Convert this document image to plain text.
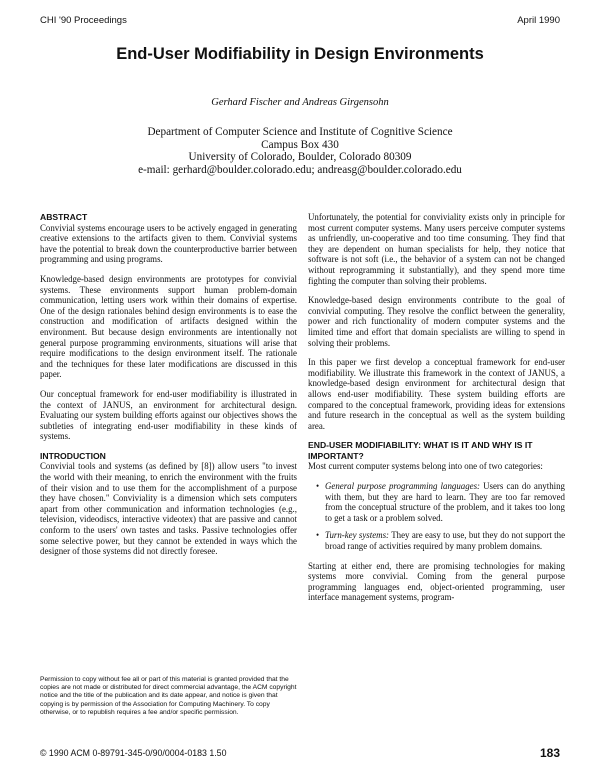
CHI '90 Proceedings	April 1990
End-User Modifiability in Design Environments
Gerhard Fischer and Andreas Girgensohn
Department of Computer Science and Institute of Cognitive Science
Campus Box 430
University of Colorado, Boulder, Colorado 80309
e-mail: gerhard@boulder.colorado.edu; andreasg@boulder.colorado.edu
ABSTRACT

Convivial systems encourage users to be actively engaged in generating creative extensions to the artifacts given to them. Convivial systems have the potential to break down the counterproductive barrier between programming and using programs.

Knowledge-based design environments are prototypes for convivial systems. These environments support human problem-domain communication, letting users work within their domains of expertise. One of the design rationales behind design environments is to ease the construction and modification of artifacts designed within the environment. But because design environments are intentionally not general purpose programming environments, situations will arise that require modifications to the design environment itself. The rationale and the techniques for these later modifications are discussed in this paper.

Our conceptual framework for end-user modifiability is illustrated in the context of JANUS, an environment for architectural design. Evaluating our system building efforts against our objectives shows the subtleties of integrating end-user modifiability in these kinds of systems.

INTRODUCTION

Convivial tools and systems (as defined by [8]) allow users "to invest the world with their meaning, to enrich the environment with the fruits of their vision and to use them for the accomplishment of a purpose they have chosen." Conviviality is a dimension which sets computers apart from other communication and information technologies (e.g., television, videodiscs, interactive videotex) that are passive and cannot conform to the users' own tastes and tasks. Passive technologies offer some selective power, but they cannot be extended in ways which the designer of those systems did not directly foresee.

Permission to copy without fee all or part of this material is granted provided that the copies are not made or distributed for direct commercial advantage, the ACM copyright notice and the title of the publication and its date appear, and notice is given that copying is by permission of the Association for Computing Machinery. To copy otherwise, or to republish requires a fee and/or specific permission.

Unfortunately, the potential for conviviality exists only in principle for most current computer systems. Many users perceive computer systems as unfriendly, un-cooperative and too time consuming. They find that they are dependent on human specialists for help, they notice that software is not soft (i.e., the behavior of a system can not be changed without reprogramming it substantially), and they spend more time fighting the computer than solving their problems.

Knowledge-based design environments contribute to the goal of convivial computing. They resolve the conflict between the generality, power and rich functionality of modern computer systems and the limited time and effort that domain specialists are willing to spend in solving their problems.

In this paper we first develop a conceptual framework for end-user modifiability. We illustrate this framework in the context of JANUS, a knowledge-based design environment for architectural design that allows end-user modifiability. These system building efforts are compared to the conceptual framework, providing ideas for extensions and future research in the conceptual as well as the system building area.

END-USER MODIFIABILITY: WHAT IS IT AND WHY IS IT IMPORTANT?

Most current computer systems belong into one of two categories:

• General purpose programming languages: Users can do anything with them, but they are hard to learn. They are too far removed from the conceptual structure of the problem, and it takes too long to get a task or a problem solved.
• Turn-key systems: They are easy to use, but they do not support the broad range of activities required by many problem domains.

Starting at either end, there are promising technologies for making systems more convivial. Coming from the general purpose programming languages end, object-oriented programming, user interface management systems, program-

© 1990 ACM 0-89791-345-0/90/0004-0183 1.50	183
